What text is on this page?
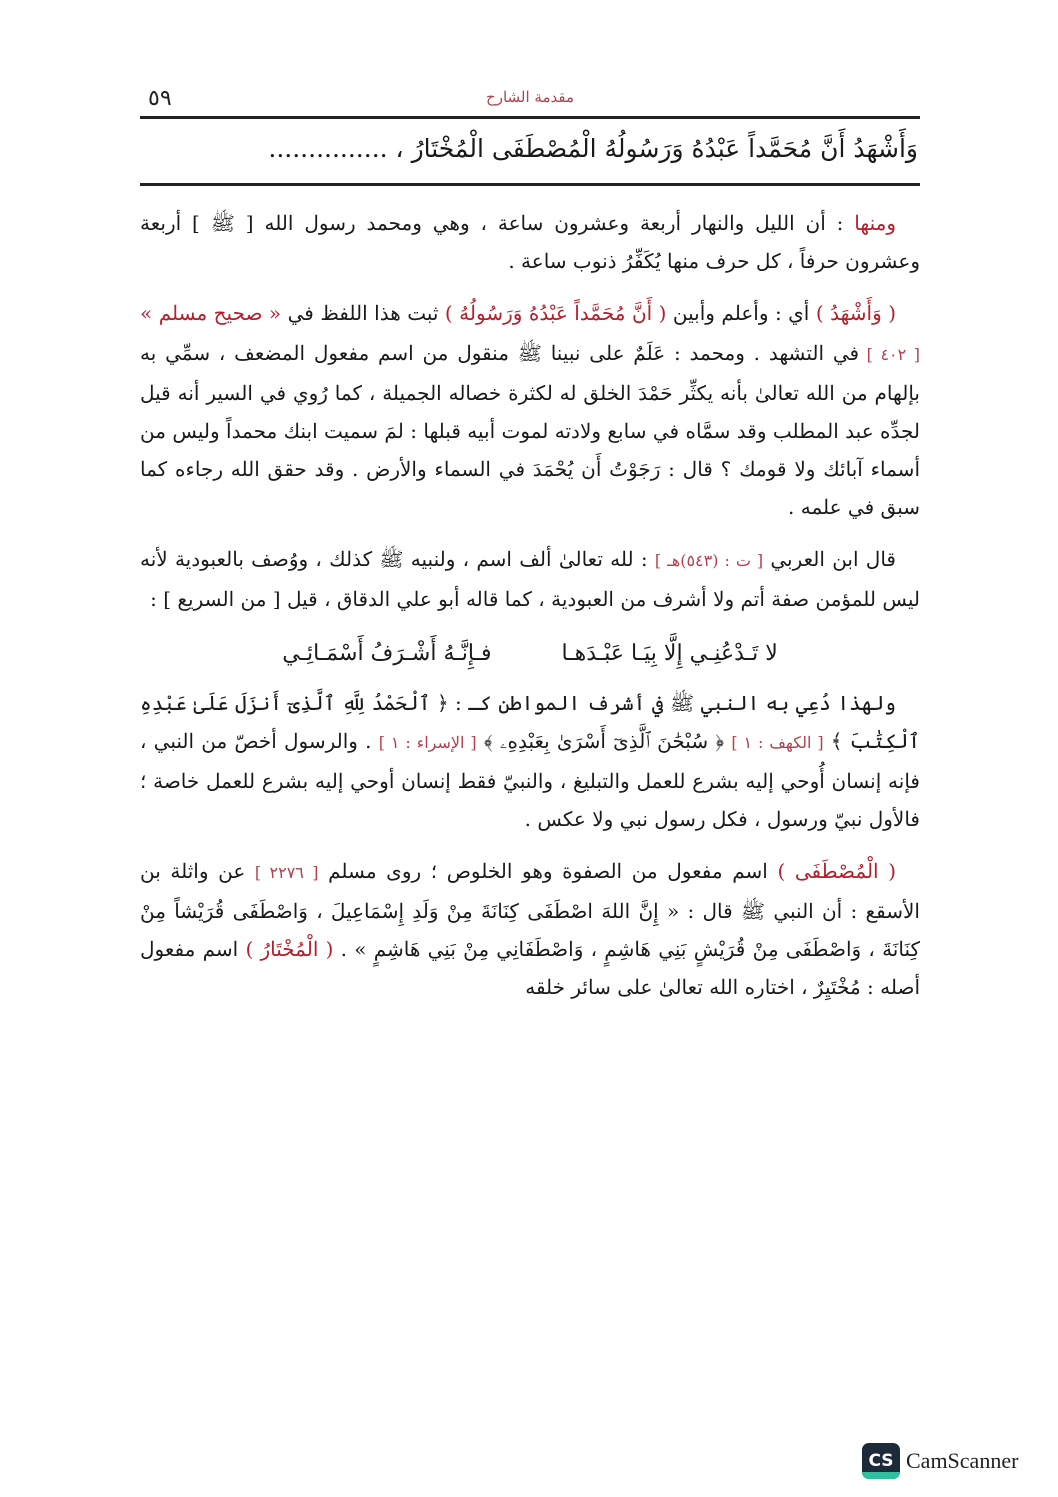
٥٩	مقدمة الشارح
وَأَشْهَدُ أَنَّ مُحَمَّداً عَبْدُهُ وَرَسُولُهُ الْمُصْطَفَى الْمُخْتَارُ ، ...............

ومنها : أن الليل والنهار أربعة وعشرون ساعة ، وهي ومحمد رسول الله [ ﷺ ] أربعة وعشرون حرفاً ، كل حرف منها يُكَفِّرُ ذنوب ساعة .

( وَأَشْهَدُ ) أي : وأعلم وأبين ( أَنَّ مُحَمَّداً عَبْدُهُ وَرَسُولُهُ ) ثبت هذا اللفظ في « صحيح مسلم » [ ٤٠٢ ] في التشهد . ومحمد : عَلَمٌ على نبينا ﷺ منقول من اسم مفعول المضعف ، سمِّي به بإلهام من الله تعالىٰ بأنه يكثِّر حَمْدَ الخلق له لكثرة خصاله الجميلة ، كما رُوي في السير أنه قيل لجدِّه عبد المطلب وقد سمَّاه في سابع ولادته لموت أبيه قبلها : لمَ سميت ابنك محمداً وليس من أسماء آبائك ولا قومك ؟ قال : رَجَوْتُ أَن يُحْمَدَ في السماء والأرض . وقد حقق الله رجاءه كما سبق في علمه .

قال ابن العربي [ ت : (٥٤٣)هـ ] : لله تعالىٰ ألف اسم ، ولنبيه ﷺ كذلك ، ووُصف بالعبودية لأنه ليس للمؤمن صفة أتم ولا أشرف من العبودية ، كما قاله أبو علي الدقاق ، قيل [ من السريع ] :

لا تَـدْعُنِـي إِلَّا بِيَـا عَبْـدَهـا
فـإِنَّـهُ أَشْـرَفُ أَسْمَـائِـي

ولهذا دُعِي به النبي ﷺ في أشرف المواطن كـ : ﴿ ٱلْحَمْدُ لِلَّهِ ٱلَّذِىٓ أَنزَلَ عَلَىٰ عَبْدِهِ ٱلْكِتَٰبَ ﴾ [ الكهف : ١ ] ﴿ سُبْحَٰنَ ٱلَّذِىٓ أَسْرَىٰ بِعَبْدِهِۦ ﴾ [ الإسراء : ١ ] . والرسول أخصّ من النبي ، فإنه إنسان أُوحي إليه بشرع للعمل والتبليغ ، والنبيّ فقط إنسان أوحي إليه بشرع للعمل خاصة ؛ فالأول نبيّ ورسول ، فكل رسول نبي ولا عكس .

( الْمُصْطَفَى ) اسم مفعول من الصفوة وهو الخلوص ؛ روى مسلم [ ٢٢٧٦ ] عن واثلة بن الأسقع : أن النبي ﷺ قال : « إِنَّ اللهَ اصْطَفَى كِنَانَةَ مِنْ وَلَدِ إِسْمَاعِيلَ ، وَاصْطَفَى قُرَيْشاً مِنْ كِنَانَةَ ، وَاصْطَفَى مِنْ قُرَيْشٍ بَنِي هَاشِمٍ ، وَاصْطَفَانِي مِنْ بَنِي هَاشِمٍ » . ( الْمُخْتَارُ ) اسم مفعول أصله : مُخْتَيِرٌ ، اختاره الله تعالىٰ على سائر خلقه

CS CamScanner
